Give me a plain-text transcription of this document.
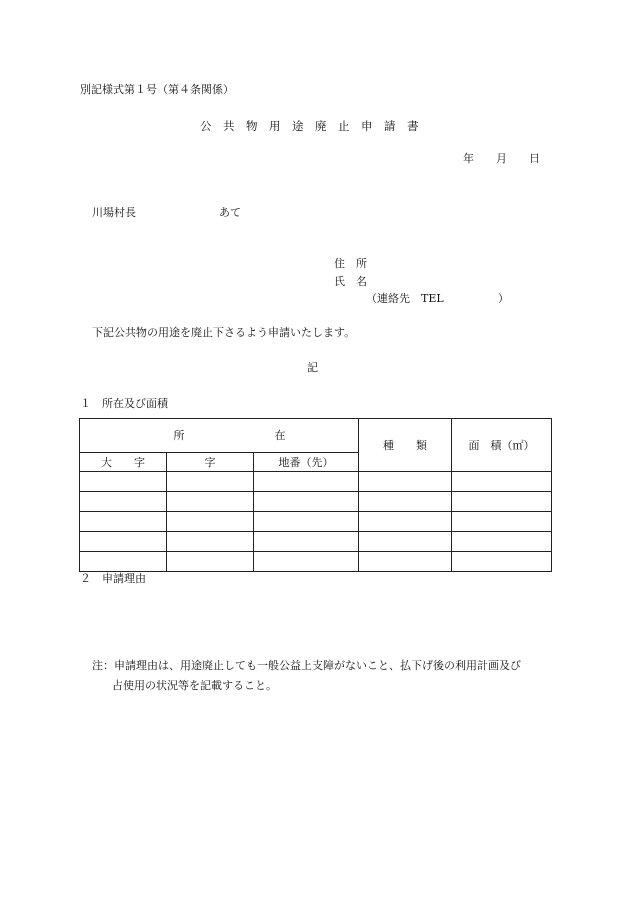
別記様式第１号（第４条関係）
公　共　物　用　途　廃　止　申　請　書
年　　月　　日
川場村長	あて
住　所
氏　名
（連絡先　TEL	）
下記公共物の用途を廃止下さるよう申請いたします。
記
１　所在及び面積

所 在			種　　類	面　積（㎡）
大　　字	字	地番（先）		

２　申請理由
注：申請理由は、用途廃止しても一般公益上支障がないこと、払下げ後の利用計画及び
占使用の状況等を記載すること。
